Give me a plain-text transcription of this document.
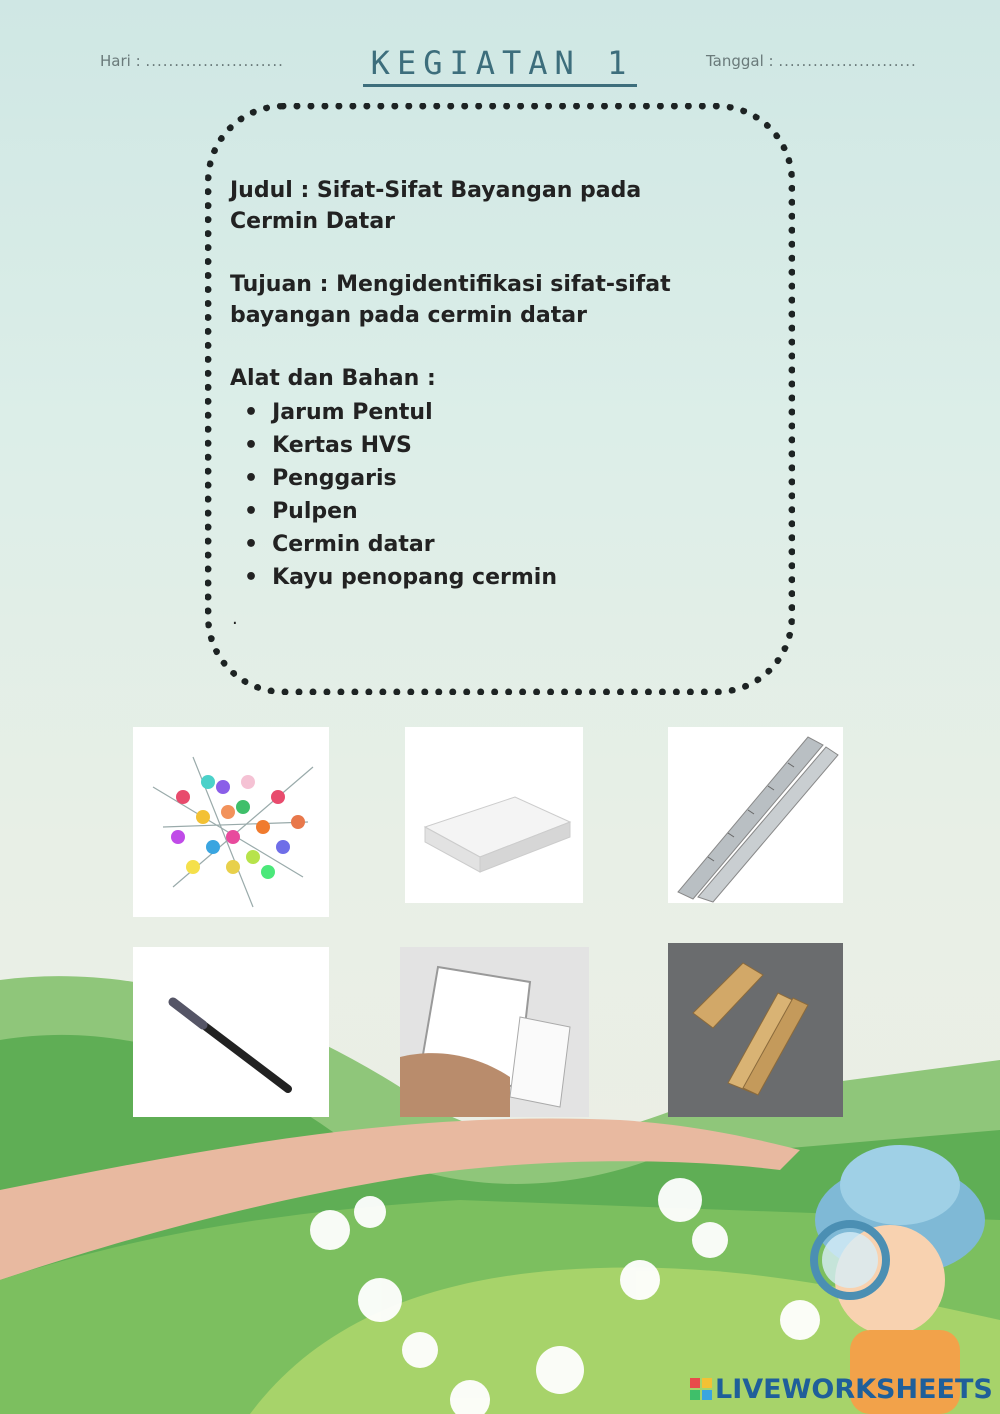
Hari : ........................	KEGIATAN 1	Tanggal : ........................
Judul : Sifat-Sifat Bayangan pada
Cermin Datar
Tujuan : Mengidentifikasi sifat-sifat
bayangan pada cermin datar
Alat dan Bahan :
• Jarum Pentul
• Kertas HVS
• Penggaris
• Pulpen
• Cermin datar
• Kayu penopang cermin
.
LIVEWORKSHEETS
